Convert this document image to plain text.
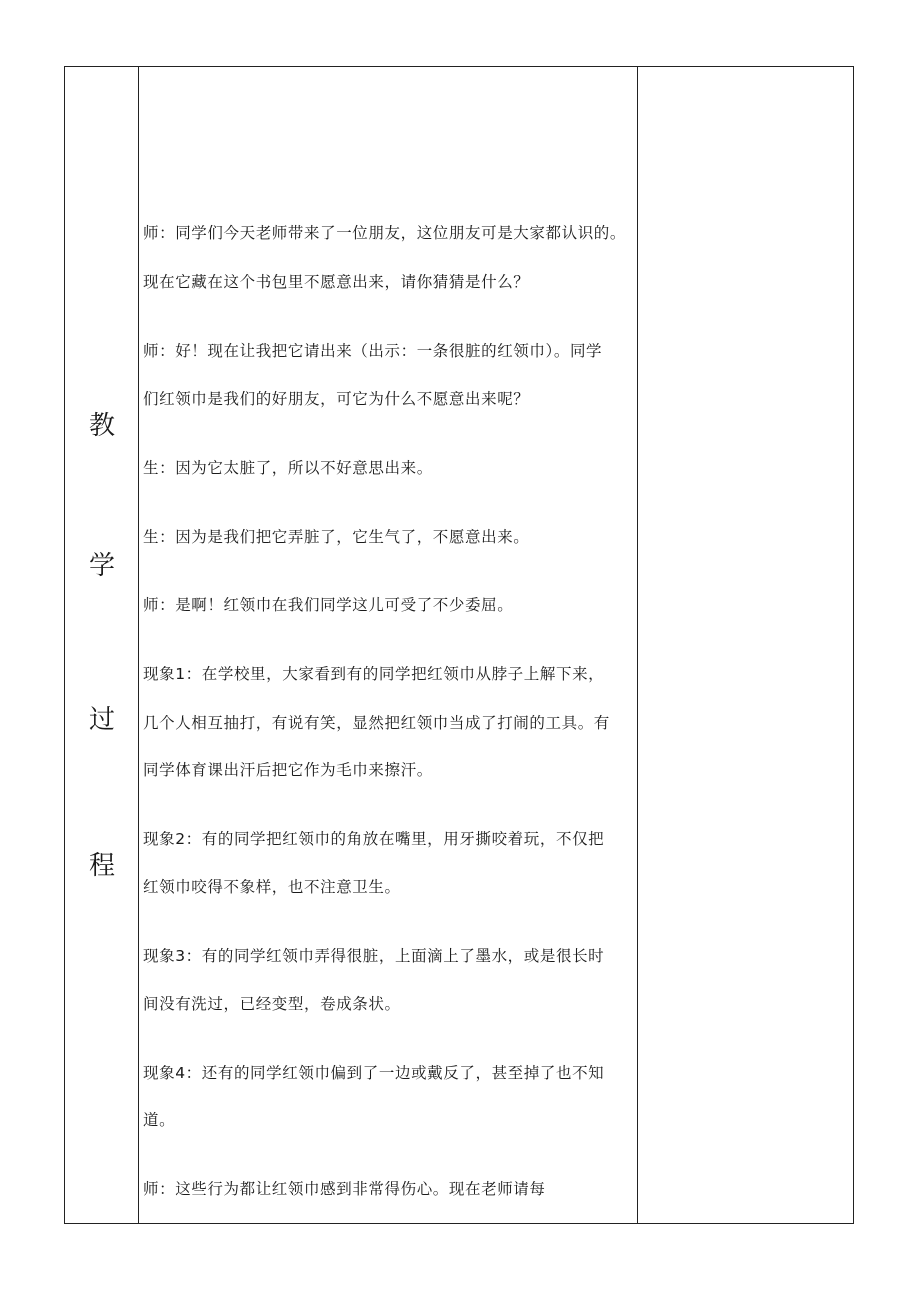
教
学
过
程
师：同学们今天老师带来了一位朋友，这位朋友可是大家都认识的。
现在它藏在这个书包里不愿意出来，请你猜猜是什么？
师：好！现在让我把它请出来（出示：一条很脏的红领巾）。同学
们红领巾是我们的好朋友，可它为什么不愿意出来呢？
生：因为它太脏了，所以不好意思出来。
生：因为是我们把它弄脏了，它生气了，不愿意出来。
师：是啊！红领巾在我们同学这儿可受了不少委屈。
现象1：在学校里，大家看到有的同学把红领巾从脖子上解下来，
几个人相互抽打，有说有笑，显然把红领巾当成了打闹的工具。有
同学体育课出汗后把它作为毛巾来擦汗。
现象2：有的同学把红领巾的角放在嘴里，用牙撕咬着玩，不仅把
红领巾咬得不象样，也不注意卫生。
现象3：有的同学红领巾弄得很脏，上面滴上了墨水，或是很长时
间没有洗过，已经变型，卷成条状。
现象4：还有的同学红领巾偏到了一边或戴反了，甚至掉了也不知
道。
师：这些行为都让红领巾感到非常得伤心。现在老师请每
